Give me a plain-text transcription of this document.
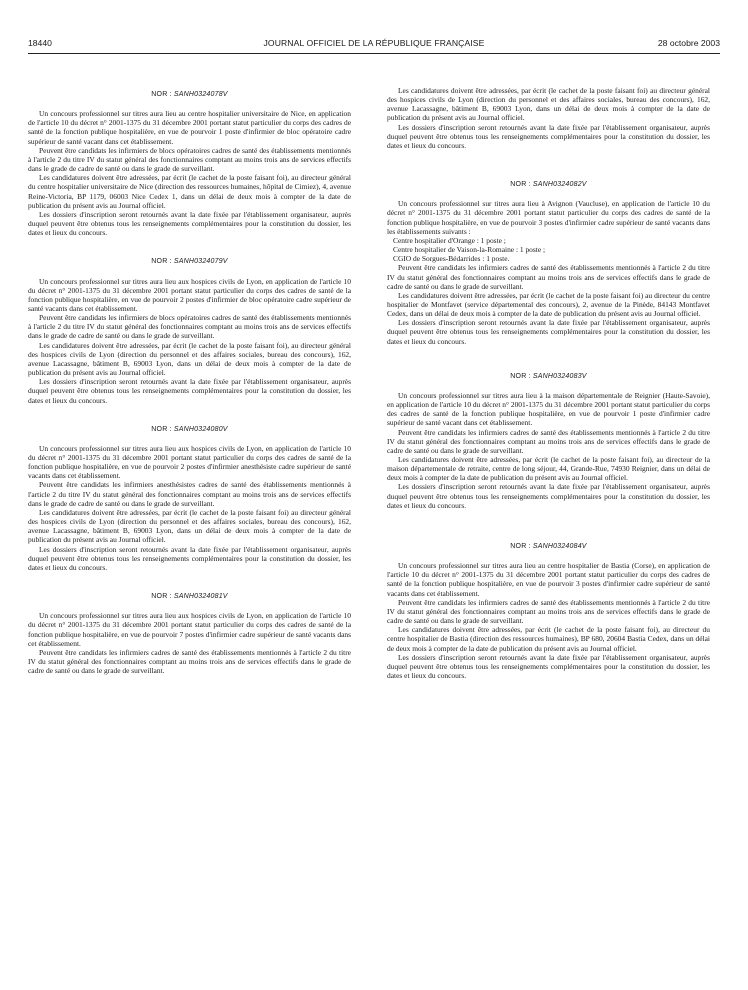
18440	JOURNAL OFFICIEL DE LA RÉPUBLIQUE FRANÇAISE	28 octobre 2003
NOR : SANH0324078V

Un concours professionnel sur titres aura lieu au centre hospitalier universitaire de Nice, en application de l'article 10 du décret n° 2001-1375 du 31 décembre 2001 portant statut particulier du corps des cadres de santé de la fonction publique hospitalière, en vue de pourvoir 1 poste d'infirmier de bloc opératoire cadre supérieur de santé vacant dans cet établissement.

Peuvent être candidats les infirmiers de blocs opératoires cadres de santé des établissements mentionnés à l'article 2 du titre IV du statut général des fonctionnaires comptant au moins trois ans de services effectifs dans le grade de cadre de santé ou dans le grade de surveillant.

Les candidatures doivent être adressées, par écrit (le cachet de la poste faisant foi), au directeur général du centre hospitalier universitaire de Nice (direction des ressources humaines, hôpital de Cimiez), 4, avenue Reine-Victoria, BP 1179, 06003 Nice Cedex 1, dans un délai de deux mois à compter de la date de publication du présent avis au Journal officiel.

Les dossiers d'inscription seront retournés avant la date fixée par l'établissement organisateur, auprès duquel peuvent être obtenus tous les renseignements complémentaires pour la constitution du dossier, les dates et lieux du concours.

NOR : SANH0324079V

Un concours professionnel sur titres aura lieu aux hospices civils de Lyon, en application de l'article 10 du décret n° 2001-1375 du 31 décembre 2001 portant statut particulier du corps des cadres de santé de la fonction publique hospitalière, en vue de pourvoir 2 postes d'infirmier de bloc opératoire cadre supérieur de santé vacants dans cet établissement.

Peuvent être candidats les infirmiers de blocs opératoires cadres de santé des établissements mentionnés à l'article 2 du titre IV du statut général des fonctionnaires comptant au moins trois ans de services effectifs dans le grade de cadre de santé ou dans le grade de surveillant.

Les candidatures doivent être adressées, par écrit (le cachet de la poste faisant foi), au directeur général des hospices civils de Lyon (direction du personnel et des affaires sociales, bureau des concours), 162, avenue Lacassagne, bâtiment B, 69003 Lyon, dans un délai de deux mois à compter de la date de publication du présent avis au Journal officiel.

Les dossiers d'inscription seront retournés avant la date fixée par l'établissement organisateur, auprès duquel peuvent être obtenus tous les renseignements complémentaires pour la constitution du dossier, les dates et lieux du concours.

NOR : SANH0324080V

Un concours professionnel sur titres aura lieu aux hospices civils de Lyon, en application de l'article 10 du décret n° 2001-1375 du 31 décembre 2001 portant statut particulier du corps des cadres de santé de la fonction publique hospitalière, en vue de pourvoir 2 postes d'infirmier anesthésiste cadre supérieur de santé vacants dans cet établissement.

Peuvent être candidats les infirmiers anesthésistes cadres de santé des établissements mentionnés à l'article 2 du titre IV du statut général des fonctionnaires comptant au moins trois ans de services effectifs dans le grade de cadre de santé ou dans le grade de surveillant.

Les candidatures doivent être adressées, par écrit (le cachet de la poste faisant foi) au directeur général des hospices civils de Lyon (direction du personnel et des affaires sociales, bureau des concours), 162, avenue Lacassagne, bâtiment B, 69003 Lyon, dans un délai de deux mois à compter de la date de publication du présent avis au Journal officiel.

Les dossiers d'inscription seront retournés avant la date fixée par l'établissement organisateur, auprès duquel peuvent être obtenus tous les renseignements complémentaires pour la constitution du dossier, les dates et lieux du concours.

NOR : SANH0324081V

Un concours professionnel sur titres aura lieu aux hospices civils de Lyon, en application de l'article 10 du décret n° 2001-1375 du 31 décembre 2001 portant statut particulier du corps des cadres de santé de la fonction publique hospitalière, en vue de pourvoir 7 postes d'infirmier cadre supérieur de santé vacants dans cet établissement.

Peuvent être candidats les infirmiers cadres de santé des établissements mentionnés à l'article 2 du titre IV du statut général des fonctionnaires comptant au moins trois ans de services effectifs dans le grade de cadre de santé ou dans le grade de surveillant.

Les candidatures doivent être adressées, par écrit (le cachet de la poste faisant foi) au directeur général des hospices civils de Lyon (direction du personnel et des affaires sociales, bureau des concours), 162, avenue Lacassagne, bâtiment B, 69003 Lyon, dans un délai de deux mois à compter de la date de publication du présent avis au Journal officiel.

Les dossiers d'inscription seront retournés avant la date fixée par l'établissement organisateur, auprès duquel peuvent être obtenus tous les renseignements complémentaires pour la constitution du dossier, les dates et lieux du concours.

NOR : SANH0324082V

Un concours professionnel sur titres aura lieu à Avignon (Vaucluse), en application de l'article 10 du décret n° 2001-1375 du 31 décembre 2001 portant statut particulier du corps des cadres de santé de la fonction publique hospitalière, en vue de pourvoir 3 postes d'infirmier cadre supérieur de santé vacants dans les établissements suivants :

Centre hospitalier d'Orange : 1 poste ;

Centre hospitalier de Vaison-la-Romaine : 1 poste ;

CGIO de Sorgues-Bédarrides : 1 poste.

Peuvent être candidats les infirmiers cadres de santé des établissements mentionnés à l'article 2 du titre IV du statut général des fonctionnaires comptant au moins trois ans de services effectifs dans le grade de cadre de santé ou dans le grade de surveillant.

Les candidatures doivent être adressées, par écrit (le cachet de la poste faisant foi) au directeur du centre hospitalier de Montfavet (service départemental des concours), 2, avenue de la Pinède, 84143 Montfavet Cedex, dans un délai de deux mois à compter de la date de publication du présent avis au Journal officiel.

Les dossiers d'inscription seront retournés avant la date fixée par l'établissement organisateur, auprès duquel peuvent être obtenus tous les renseignements complémentaires pour la constitution du dossier, les dates et lieux du concours.

NOR : SANH0324083V

Un concours professionnel sur titres aura lieu à la maison départementale de Reignier (Haute-Savoie), en application de l'article 10 du décret n° 2001-1375 du 31 décembre 2001 portant statut particulier du corps des cadres de santé de la fonction publique hospitalière, en vue de pourvoir 1 poste d'infirmier cadre supérieur de santé vacant dans cet établissement.

Peuvent être candidats les infirmiers cadres de santé des établissements mentionnés à l'article 2 du titre IV du statut général des fonctionnaires comptant au moins trois ans de services effectifs dans le grade de cadre de santé ou dans le grade de surveillant.

Les candidatures doivent être adressées, par écrit (le cachet de la poste faisant foi), au directeur de la maison départementale de retraite, centre de long séjour, 44, Grande-Rue, 74930 Reignier, dans un délai de deux mois à compter de la date de publication du présent avis au Journal officiel.

Les dossiers d'inscription seront retournés avant la date fixée par l'établissement organisateur, auprès duquel peuvent être obtenus tous les renseignements complémentaires pour la constitution du dossier, les dates et lieux du concours.

NOR : SANH0324084V

Un concours professionnel sur titres aura lieu au centre hospitalier de Bastia (Corse), en application de l'article 10 du décret n° 2001-1375 du 31 décembre 2001 portant statut particulier du corps des cadres de santé de la fonction publique hospitalière, en vue de pourvoir 3 postes d'infirmier cadre supérieur de santé vacants dans cet établissement.

Peuvent être candidats les infirmiers cadres de santé des établissements mentionnés à l'article 2 du titre IV du statut général des fonctionnaires comptant au moins trois ans de services effectifs dans le grade de cadre de santé ou dans le grade de surveillant.

Les candidatures doivent être adressées, par écrit (le cachet de la poste faisant foi), au directeur du centre hospitalier de Bastia (direction des ressources humaines), BP 680, 20604 Bastia Cedex, dans un délai de deux mois à compter de la date de publication du présent avis au Journal officiel.

Les dossiers d'inscription seront retournés avant la date fixée par l'établissement organisateur, auprès duquel peuvent être obtenus tous les renseignements complémentaires pour la constitution du dossier, les dates et lieux du concours.
